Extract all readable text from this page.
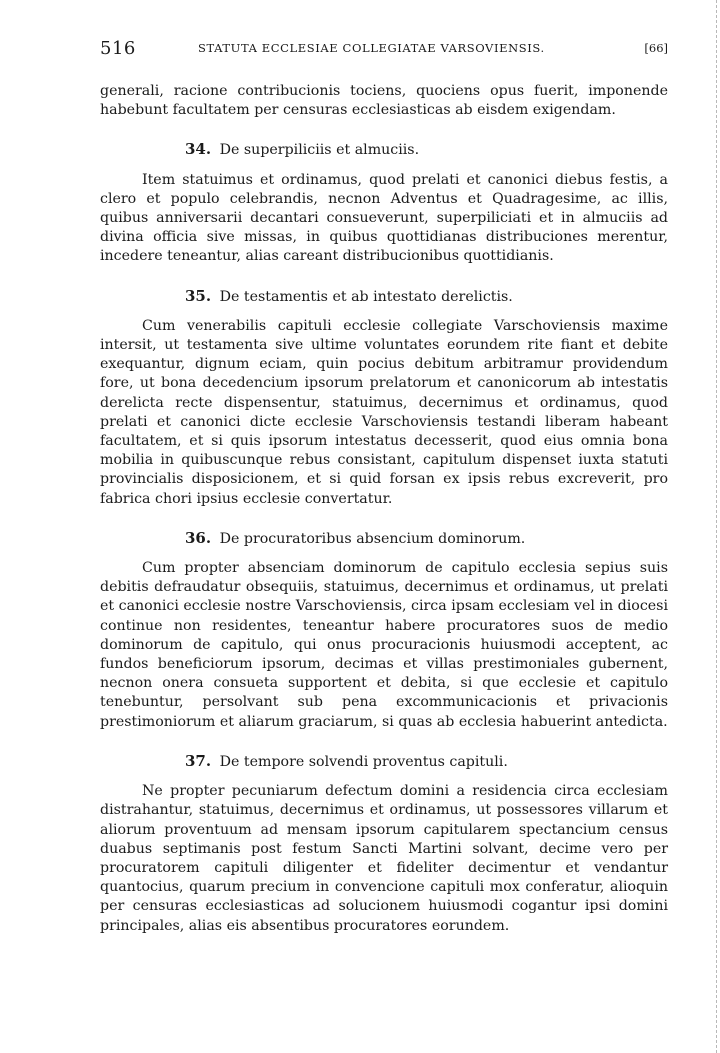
516	STATUTA ECCLESIAE COLLEGIATAE VARSOVIENSIS.	[66]

generali, racione contribucionis tociens, quociens opus fuerit, imponende habebunt facultatem per censuras ecclesiasticas ab eisdem exigendam.

34. De superpiliciis et almuciis.

Item statuimus et ordinamus, quod prelati et canonici diebus festis, a clero et populo celebrandis, necnon Adventus et Quadragesime, ac illis, quibus anniversarii decantari consueverunt, superpiliciati et in almuciis ad divina officia sive missas, in quibus quottidianas distribuciones merentur, incedere teneantur, alias careant distribucionibus quottidianis.

35. De testamentis et ab intestato derelictis.

Cum venerabilis capituli ecclesie collegiate Varschoviensis maxime intersit, ut testamenta sive ultime voluntates eorundem rite fiant et debite exequantur, dignum eciam, quin pocius debitum arbitramur providendum fore, ut bona decedencium ipsorum prelatorum et canonicorum ab intestatis derelicta recte dispensentur, statuimus, decernimus et ordinamus, quod prelati et canonici dicte ecclesie Varschoviensis testandi liberam habeant facultatem, et si quis ipsorum intestatus decesserit, quod eius omnia bona mobilia in quibuscunque rebus consistant, capitulum dispenset iuxta statuti provincialis disposicionem, et si quid forsan ex ipsis rebus excreverit, pro fabrica chori ipsius ecclesie convertatur.

36. De procuratoribus absencium dominorum.

Cum propter absenciam dominorum de capitulo ecclesia sepius suis debitis defraudatur obsequiis, statuimus, decernimus et ordinamus, ut prelati et canonici ecclesie nostre Varschoviensis, circa ipsam ecclesiam vel in diocesi continue non residentes, teneantur habere procuratores suos de medio dominorum de capitulo, qui onus procuracionis huiusmodi acceptent, ac fundos beneficiorum ipsorum, decimas et villas prestimoniales gubernent, necnon onera consueta supportent et debita, si que ecclesie et capitulo tenebuntur, persolvant sub pena excommunicacionis et privacionis prestimoniorum et aliarum graciarum, si quas ab ecclesia habuerint antedicta.

37. De tempore solvendi proventus capituli.

Ne propter pecuniarum defectum domini a residencia circa ecclesiam distrahantur, statuimus, decernimus et ordinamus, ut possessores villarum et aliorum proventuum ad mensam ipsorum capitularem spectancium census duabus septimanis post festum Sancti Martini solvant, decime vero per procuratorem capituli diligenter et fideliter decimentur et vendantur quantocius, quarum precium in convencione capituli mox conferatur, alioquin per censuras ecclesiasticas ad solucionem huiusmodi cogantur ipsi domini principales, alias eis absentibus procuratores eorundem.
